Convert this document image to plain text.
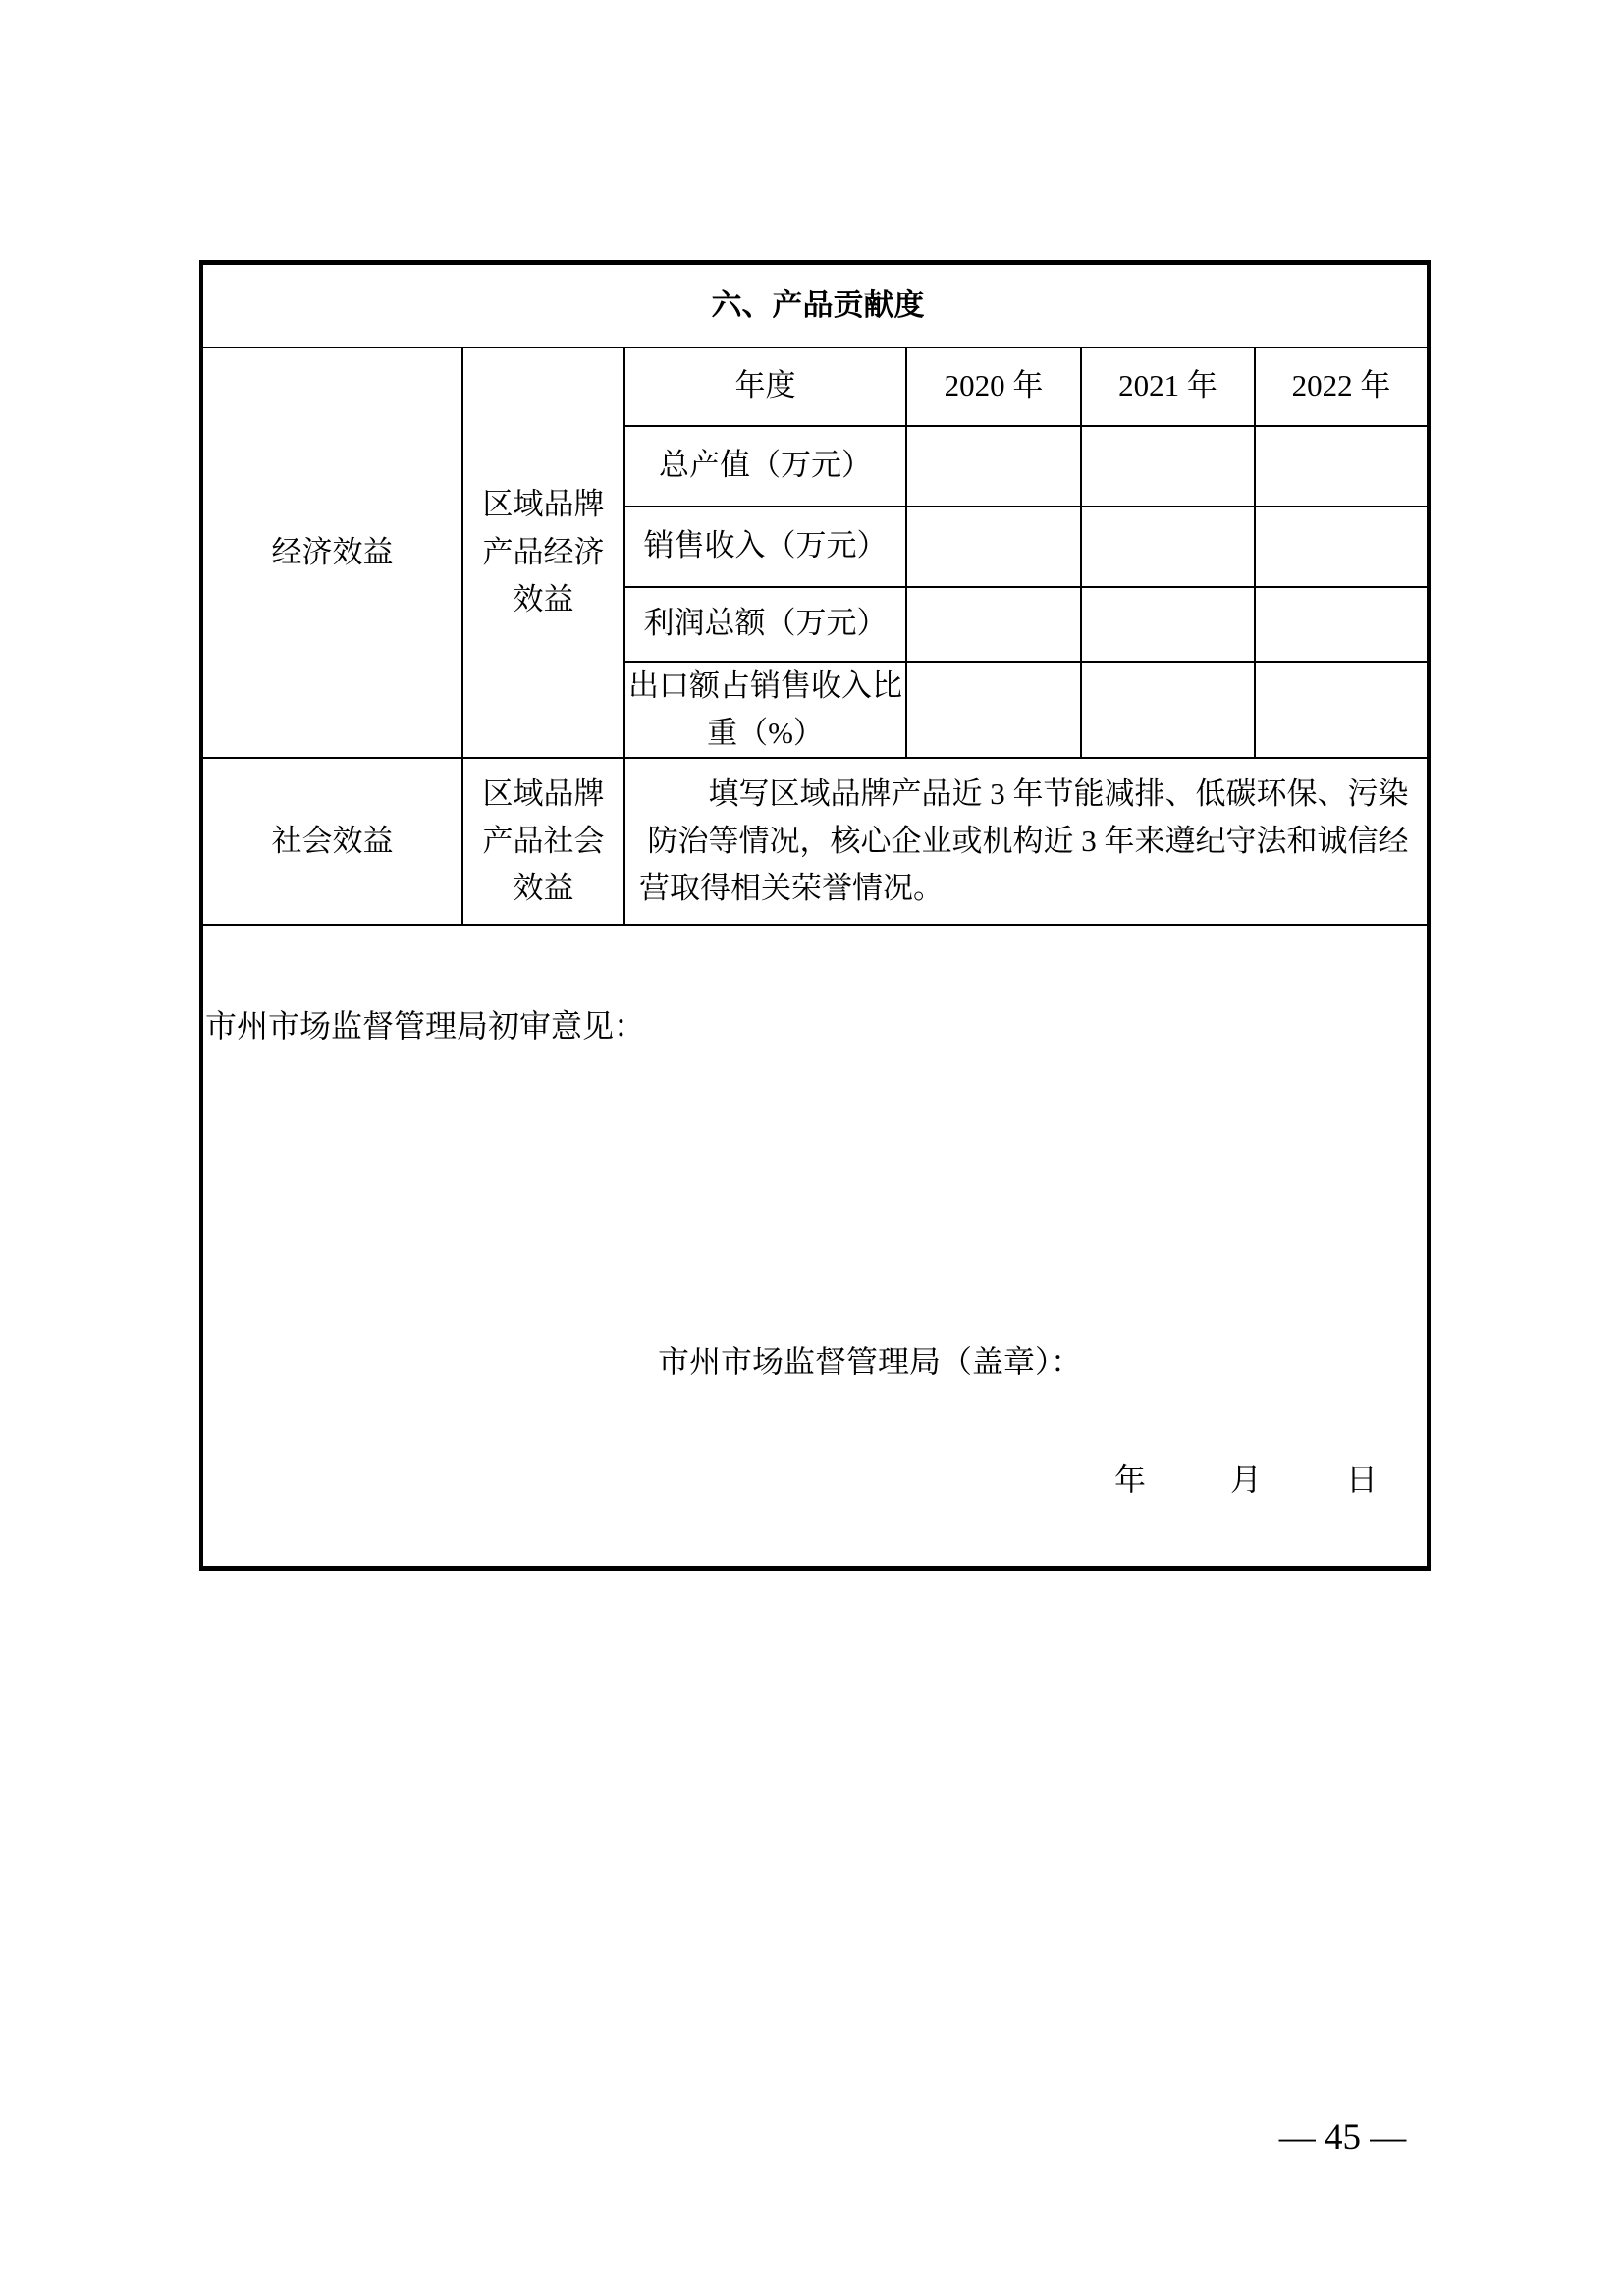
六、产品贡献度					
经济效益	区域品牌产品经济效益	年度	2020 年	2021 年	2022 年
		总产值（万元）			
		销售收入（万元）			
		利润总额（万元）			
		出口额占销售收入比重（%）			
社会效益	区域品牌产品社会效益	填写区域品牌产品近 3 年节能减排、低碳环保、污染防治等情况，核心企业或机构近 3 年来遵纪守法和诚信经营取得相关荣誉情况。			

市州市场监督管理局初审意见：
市州市场监督管理局（盖章）：
年 月 日					
— 45 —
